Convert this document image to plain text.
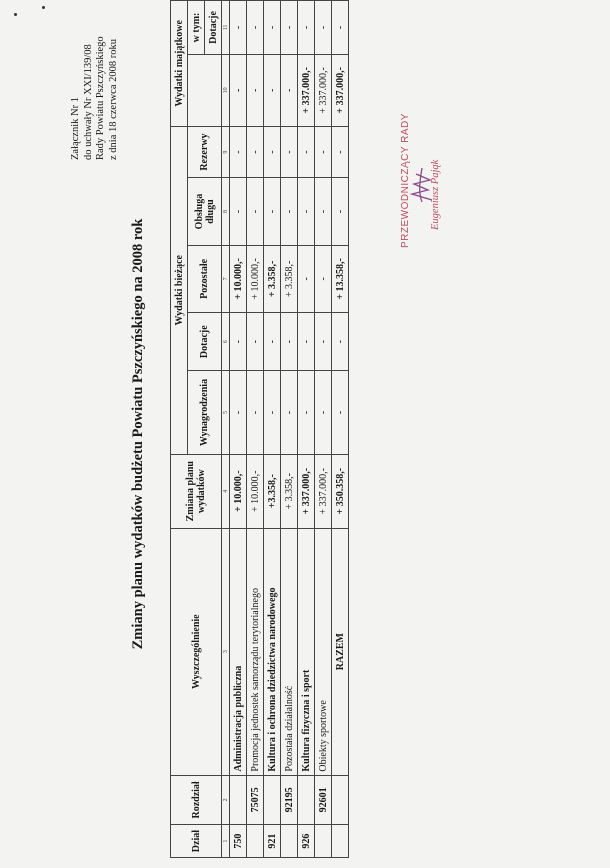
Załącznik Nr 1 do uchwały Nr XXI/139/08 Rady Powiatu Pszczyńskiego z dnia 18 czerwca 2008 roku
Zmiany planu wydatków budżetu Powiatu Pszczyńskiego na 2008 rok
Dział	Rozdział	Wyszczególnienie	Zmiana planu wydatków	Wydatki bieżące					Wydatki majątkowe	
				Wynagrodzenia	Dotacje	Pozostałe	Obsługa długu	Rezerwy		w tym:
										Dotacje
1	2	3	4	5	6	7	8	9	10	11
750		Administracja publiczna	+ 10.000,-	-	-	+ 10.000,-	-	-	-	-
	75075	Promocja jednostek samorządu terytorialnego	+ 10.000,-	-	-	+ 10.000,-	-	-	-	-
921		Kultura i ochrona dziedzictwa narodowego	+3.358,-	-	-	+ 3.358,-	-	-	-	-
	92195	Pozostała działalność	+ 3.358,-	-	-	+ 3.358,-	-	-	-	-
926		Kultura fizyczna i sport	+ 337.000,-	-	-	-	-	-	+ 337.000,-	-
	92601	Obiekty sportowe	+ 337.000,-	-	-	-	-	-	+ 337.000,-	-
		RAZEM	+ 350.358,-	-	-	+ 13.358,-	-	-	+ 337.000,-	-
PRZEWODNICZĄCY RADY Eugeniusz Pająk
